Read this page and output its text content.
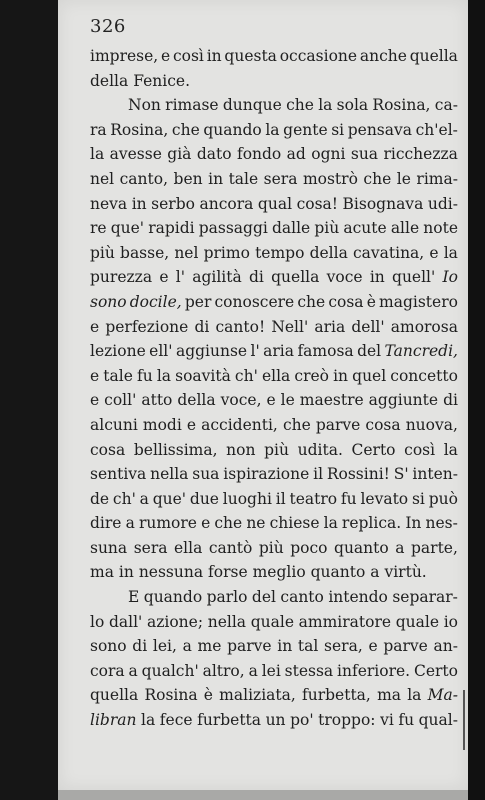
326
imprese, e così in questa occasione anche quella
della Fenice.
Non rimase dunque che la sola Rosina, ca-
ra Rosina, che quando la gente si pensava ch'el-
la avesse già dato fondo ad ogni sua ricchezza
nel canto, ben in tale sera mostrò che le rima-
neva in serbo ancora qual cosa! Bisognava udi-
re que' rapidi passaggi dalle più acute alle note
più basse, nel primo tempo della cavatina, e la
purezza e l' agilità di quella voce in quell' Io
sono docile, per conoscere che cosa è magistero
e perfezione di canto! Nell' aria dell' amorosa
lezione ell' aggiunse l' aria famosa del Tancredi,
e tale fu la soavità ch' ella creò in quel concetto
e coll' atto della voce, e le maestre aggiunte di
alcuni modi e accidenti, che parve cosa nuova,
cosa bellissima, non più udita. Certo così la
sentiva nella sua ispirazione il Rossini! S' inten-
de ch' a que' due luoghi il teatro fu levato si può
dire a rumore e che ne chiese la replica. In nes-
suna sera ella cantò più poco quanto a parte,
ma in nessuna forse meglio quanto a virtù.
E quando parlo del canto intendo separar-
lo dall' azione; nella quale ammiratore quale io
sono di lei, a me parve in tal sera, e parve an-
cora a qualch' altro, a lei stessa inferiore. Certo
quella Rosina è maliziata, furbetta, ma la Ma-
libran la fece furbetta un po' troppo: vi fu qual-
